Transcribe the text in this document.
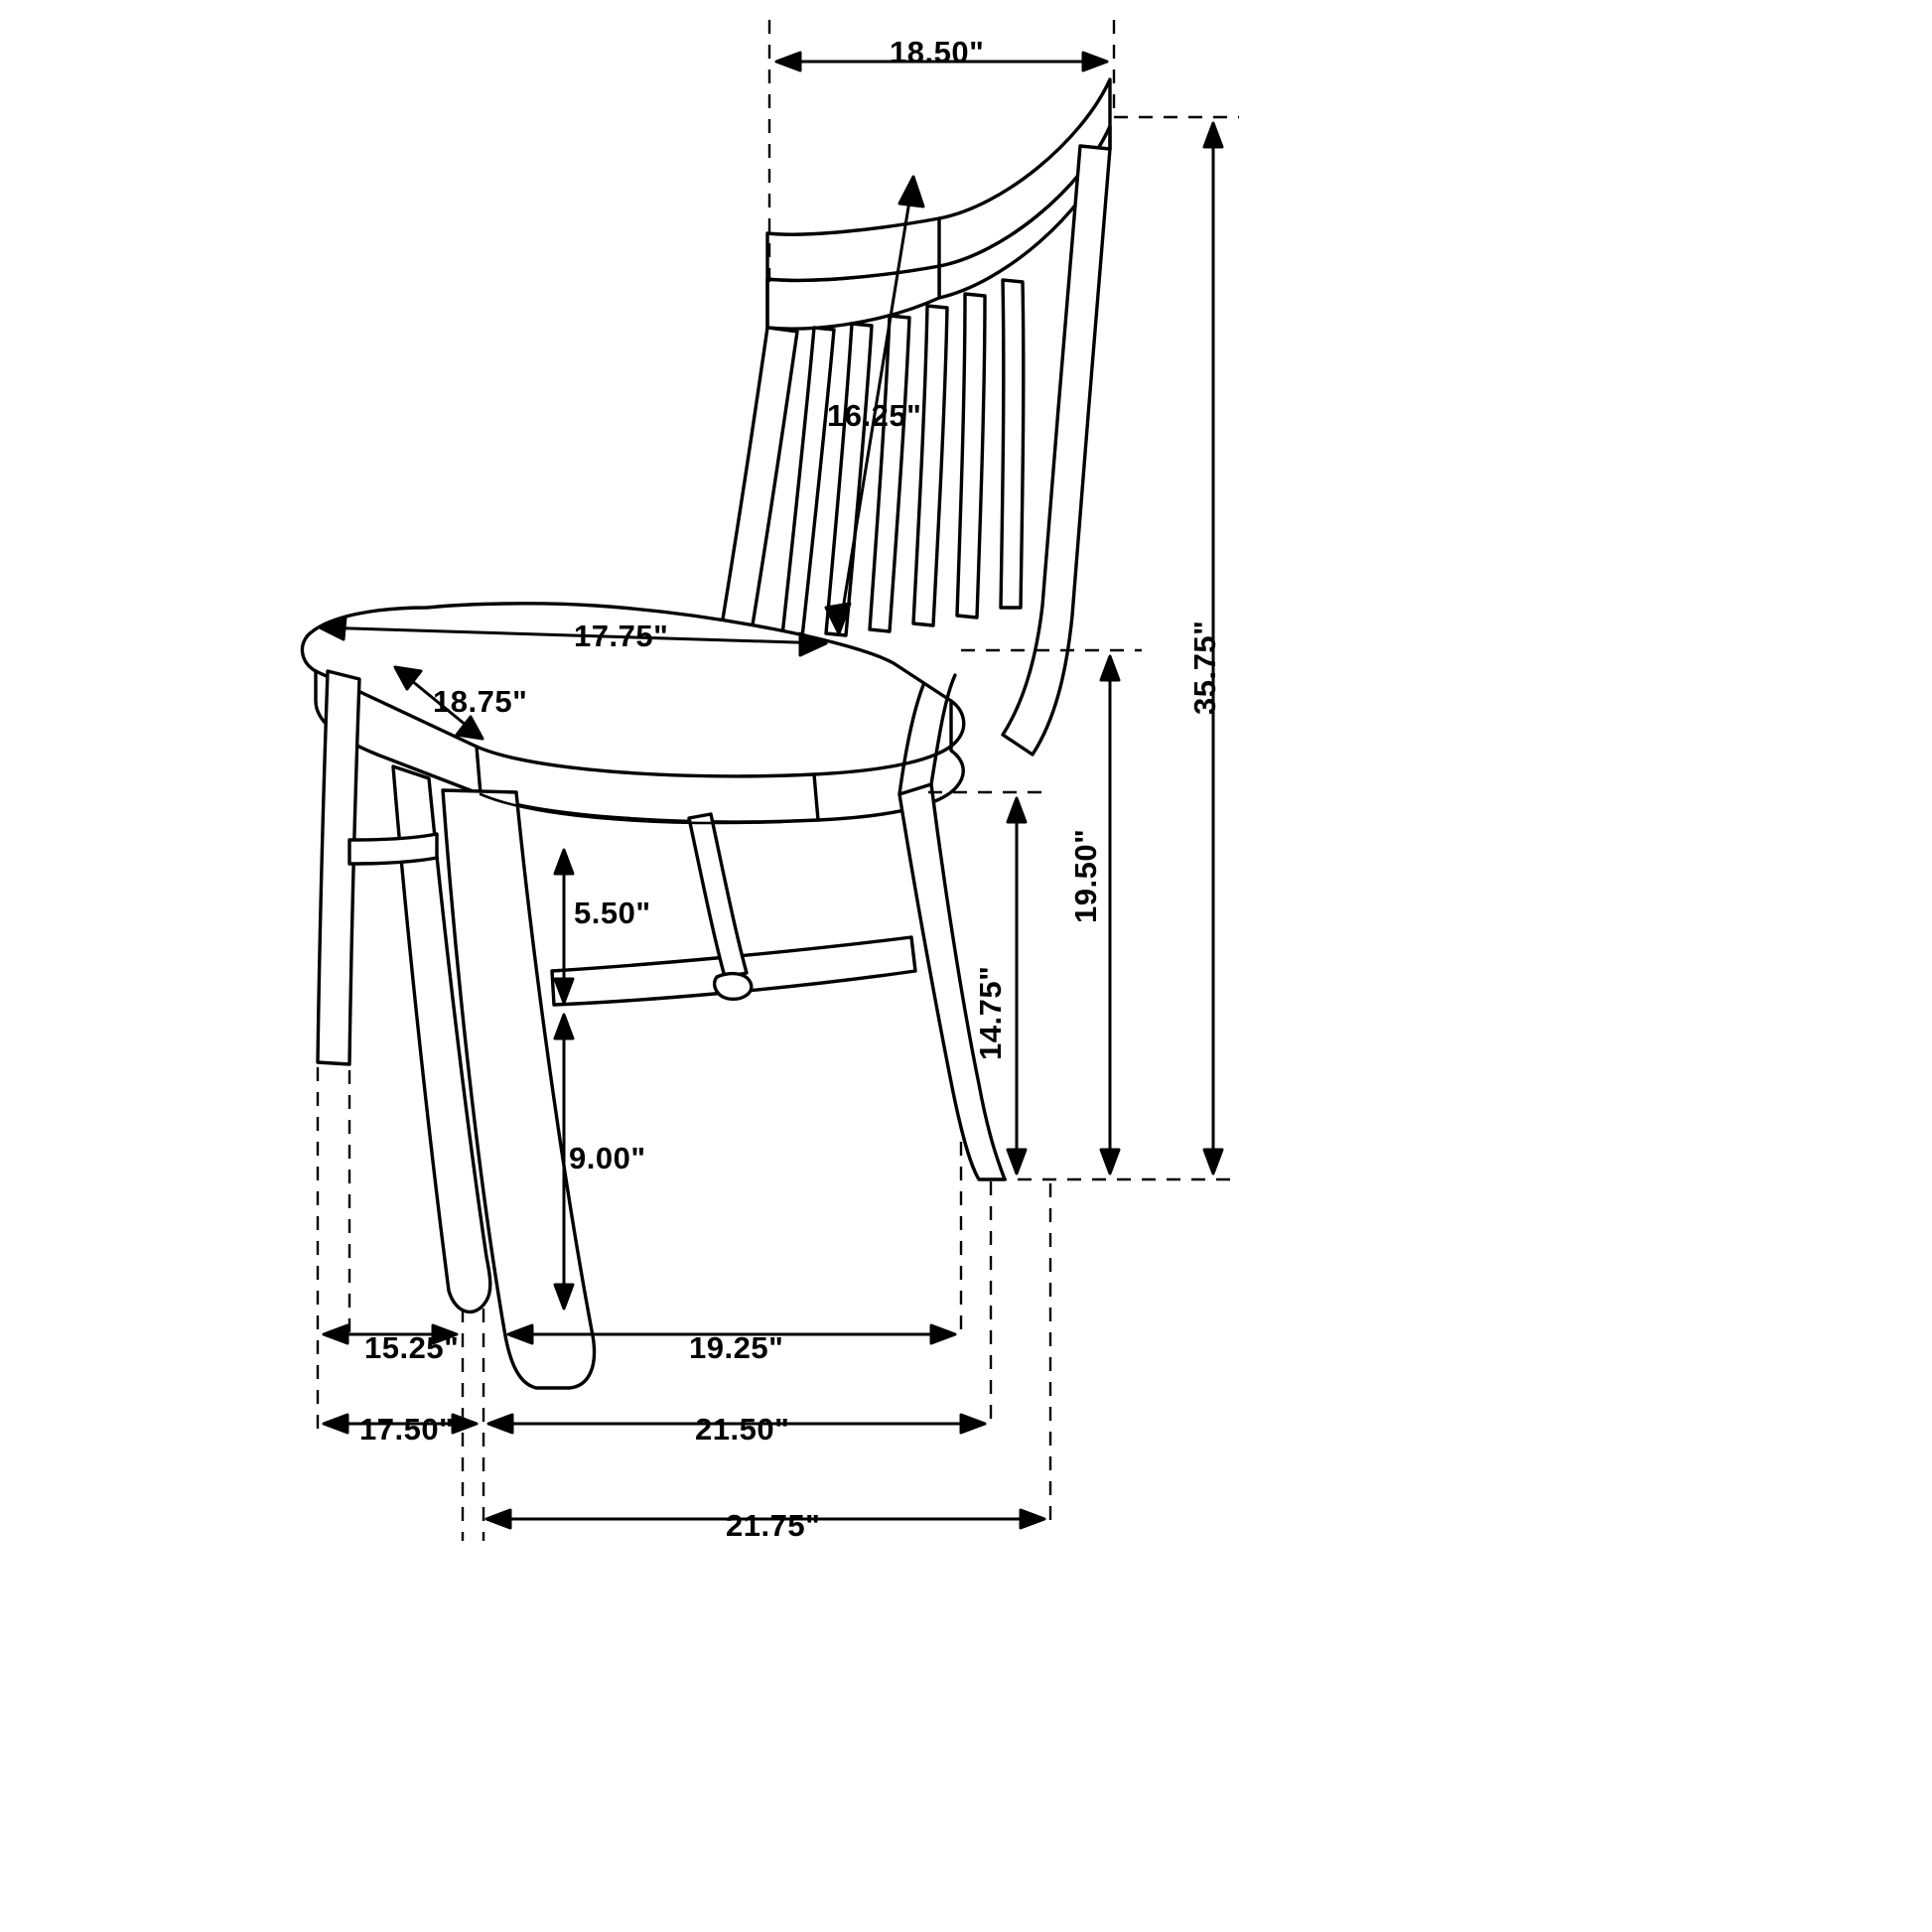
18.50"
16.25"
35.75"
17.75"
18.75"
19.50"
5.50"
14.75"
9.00"
15.25"	19.25"
17.50"	21.50"
21.75"
